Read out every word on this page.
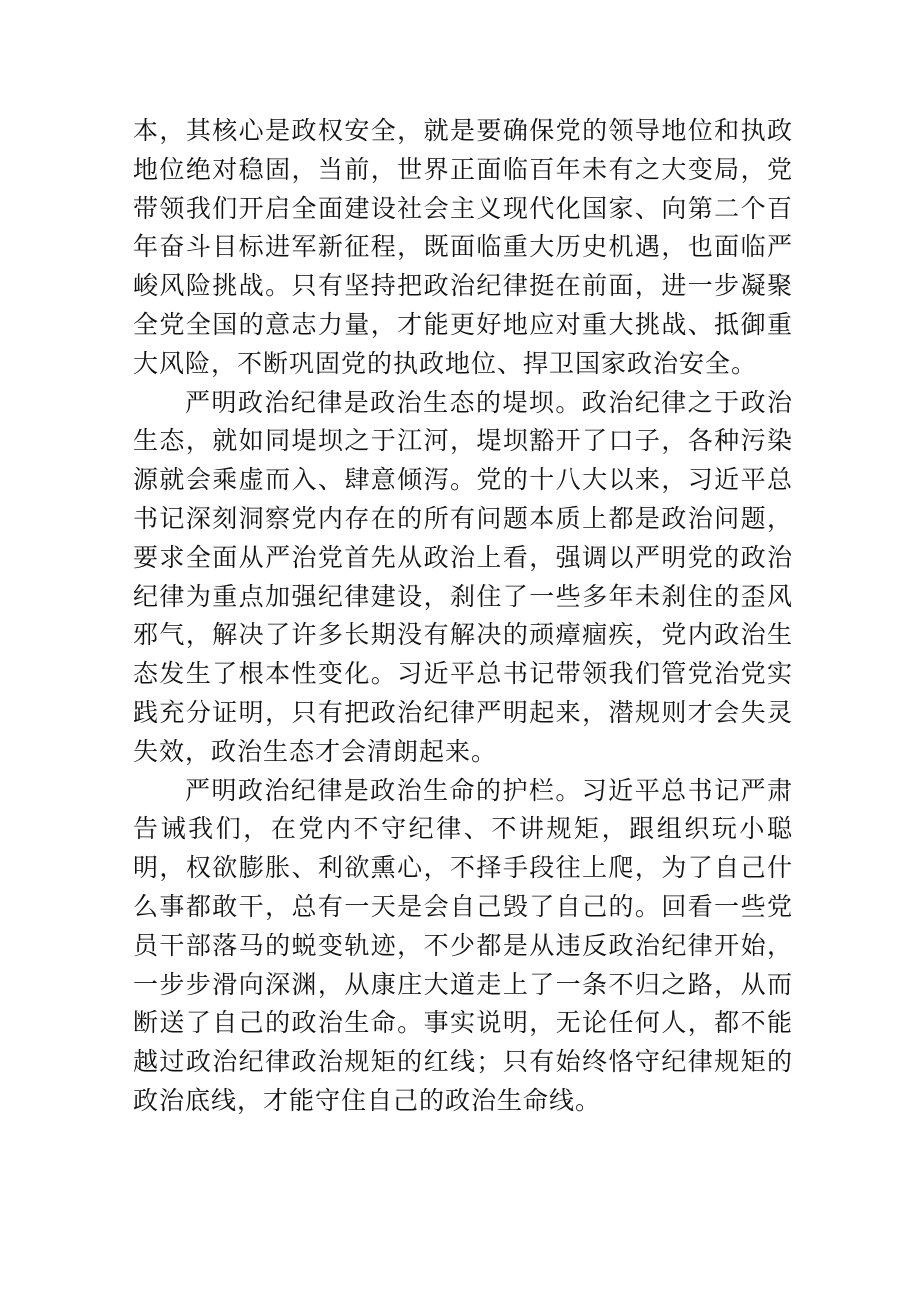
本，其核心是政权安全，就是要确保党的领导地位和执政地位绝对稳固，当前，世界正面临百年未有之大变局，党带领我们开启全面建设社会主义现代化国家、向第二个百年奋斗目标进军新征程，既面临重大历史机遇，也面临严峻风险挑战。只有坚持把政治纪律挺在前面，进一步凝聚全党全国的意志力量，才能更好地应对重大挑战、抵御重大风险，不断巩固党的执政地位、捍卫国家政治安全。

严明政治纪律是政治生态的堤坝。政治纪律之于政治生态，就如同堤坝之于江河，堤坝豁开了口子，各种污染源就会乘虚而入、肆意倾泻。党的十八大以来，习近平总书记深刻洞察党内存在的所有问题本质上都是政治问题，要求全面从严治党首先从政治上看，强调以严明党的政治纪律为重点加强纪律建设，刹住了一些多年未刹住的歪风邪气，解决了许多长期没有解决的顽瘴痼疾，党内政治生态发生了根本性变化。习近平总书记带领我们管党治党实践充分证明，只有把政治纪律严明起来，潜规则才会失灵失效，政治生态才会清朗起来。

严明政治纪律是政治生命的护栏。习近平总书记严肃告诫我们，在党内不守纪律、不讲规矩，跟组织玩小聪明，权欲膨胀、利欲熏心，不择手段往上爬，为了自己什么事都敢干，总有一天是会自己毁了自己的。回看一些党员干部落马的蜕变轨迹，不少都是从违反政治纪律开始，一步步滑向深渊，从康庄大道走上了一条不归之路，从而断送了自己的政治生命。事实说明，无论任何人，都不能越过政治纪律政治规矩的红线；只有始终恪守纪律规矩的政治底线，才能守住自己的政治生命线。
